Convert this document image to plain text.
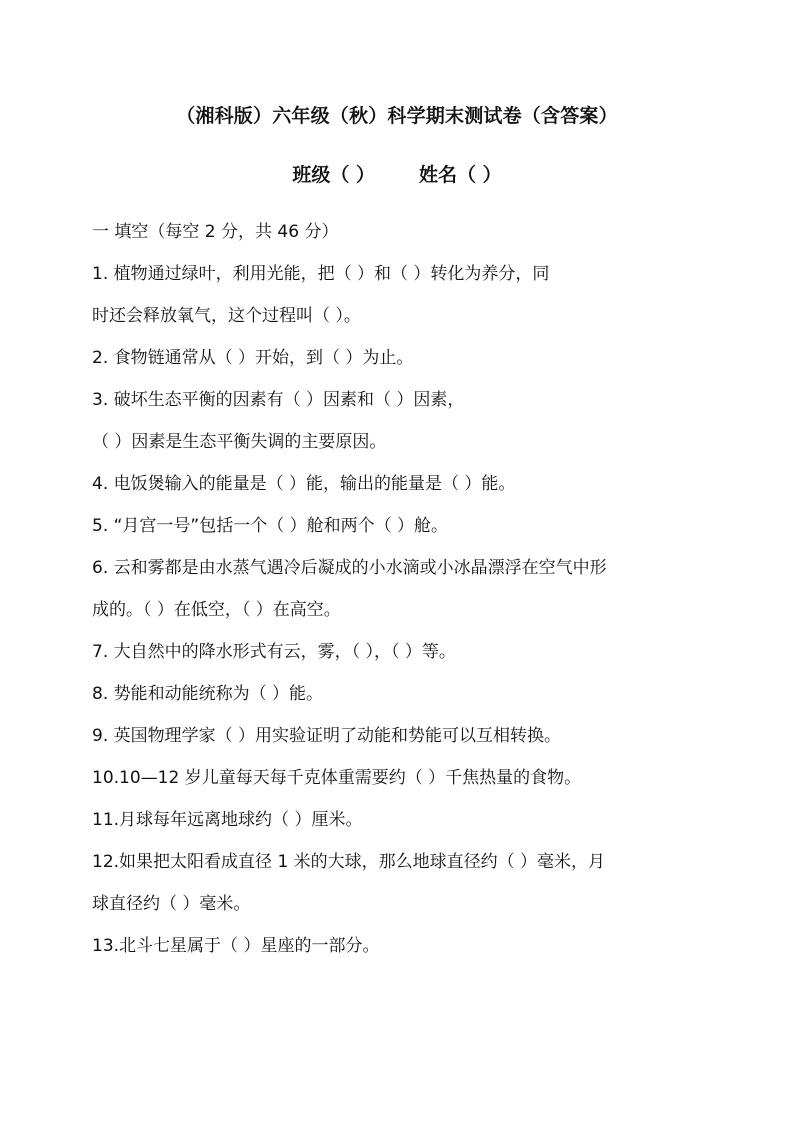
（湘科版）六年级（秋）科学期末测试卷（含答案）
班级（ ） 姓名（ ）
一 填空（每空 2 分，共 46 分）
1. 植物通过绿叶，利用光能，把（ ）和（ ）转化为养分，同
时还会释放氧气，这个过程叫（ ）。
2. 食物链通常从（ ）开始，到（ ）为止。
3. 破坏生态平衡的因素有（ ）因素和（ ）因素，
（ ）因素是生态平衡失调的主要原因。
4. 电饭煲输入的能量是（ ）能，输出的能量是（ ）能。
5. “月宫一号”包括一个（ ）舱和两个（ ）舱。
6. 云和雾都是由水蒸气遇冷后凝成的小水滴或小冰晶漂浮在空气中形
成的。（ ）在低空，（ ）在高空。
7. 大自然中的降水形式有云，雾，（ ），（ ）等。
8. 势能和动能统称为（ ）能。
9. 英国物理学家（ ）用实验证明了动能和势能可以互相转换。
10.10—12 岁儿童每天每千克体重需要约（ ）千焦热量的食物。
11.月球每年远离地球约（ ）厘米。
12.如果把太阳看成直径 1 米的大球，那么地球直径约（ ）毫米，月
球直径约（ ）毫米。
13.北斗七星属于（ ）星座的一部分。
